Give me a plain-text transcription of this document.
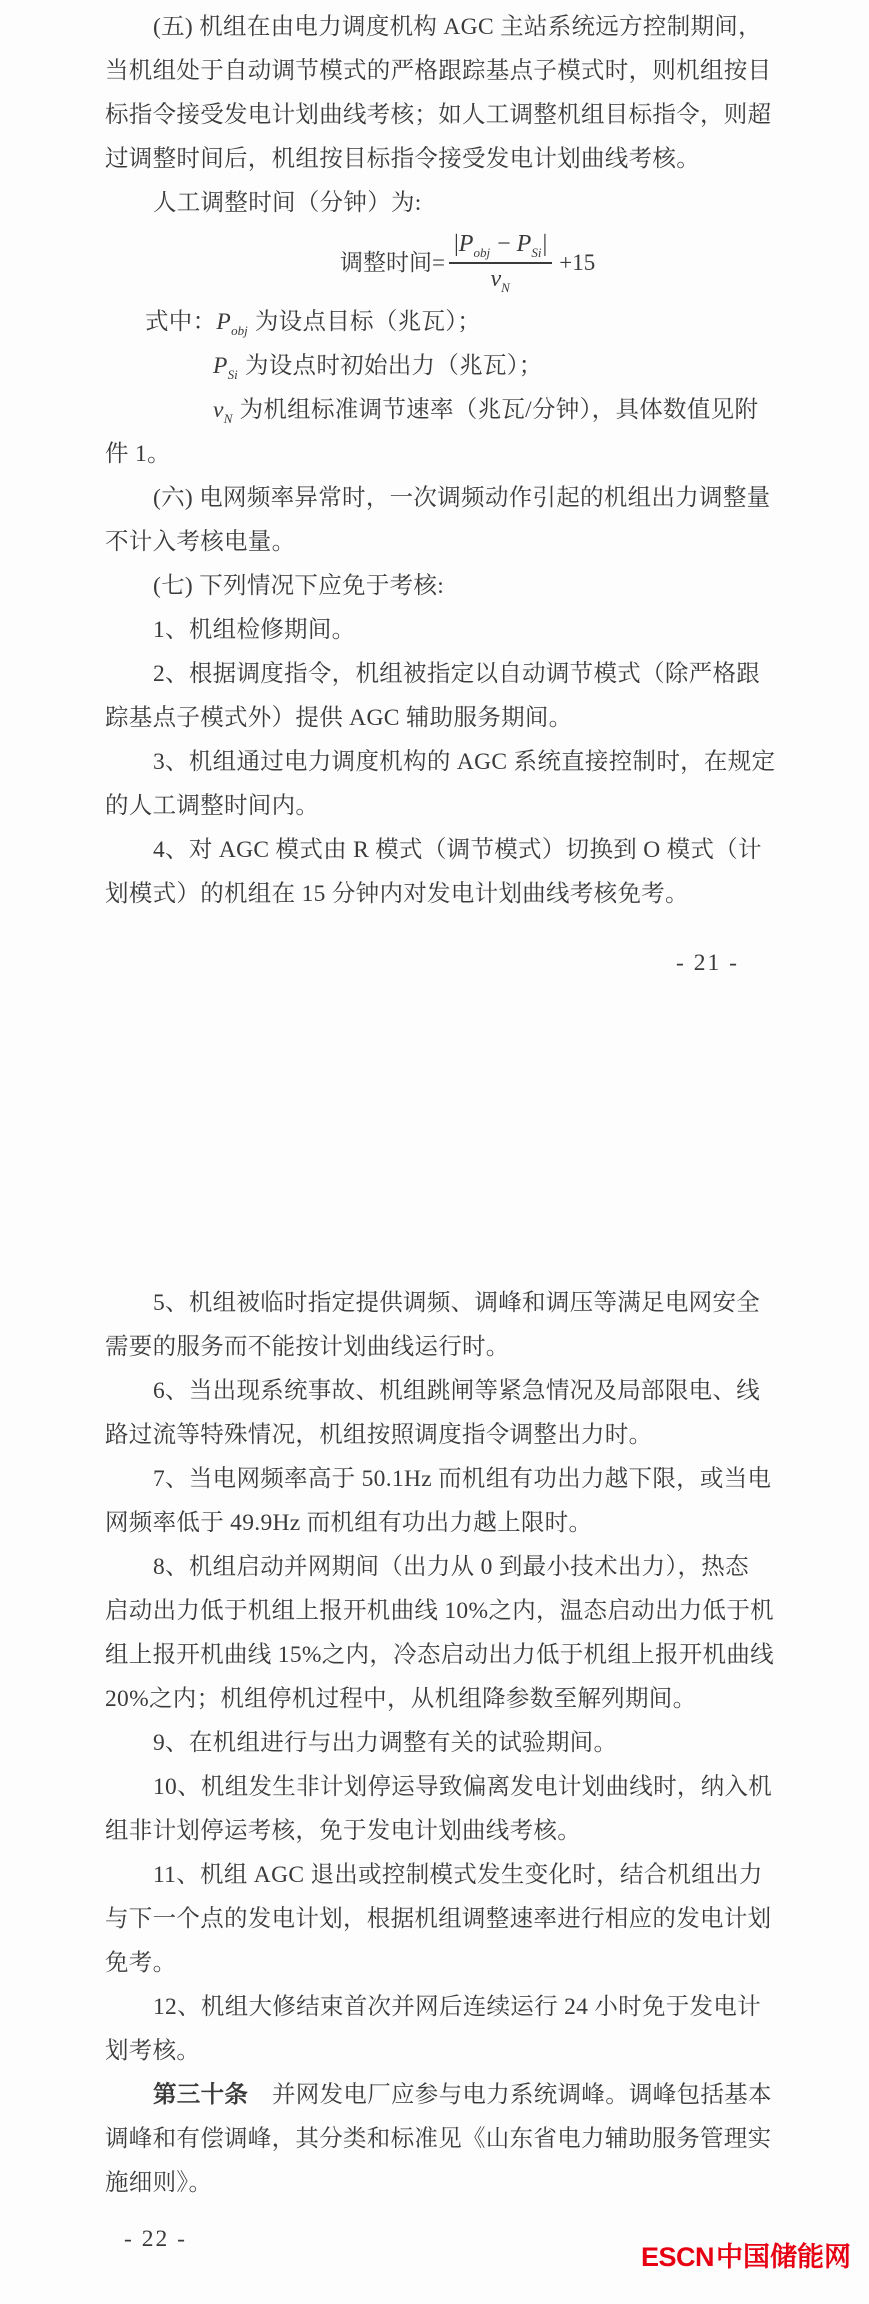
(五) 机组在由电力调度机构 AGC 主站系统远方控制期间，
当机组处于自动调节模式的严格跟踪基点子模式时，则机组按目
标指令接受发电计划曲线考核；如人工调整机组目标指令，则超
过调整时间后，机组按目标指令接受发电计划曲线考核。
人工调整时间（分钟）为:
调整时间= $\frac{|P_{obj} - P_{Si}|}{v_N} +15$
式中：$P_{obj}$ 为设点目标（兆瓦）；
$P_{Si}$ 为设点时初始出力（兆瓦）；
$v_N$ 为机组标准调节速率（兆瓦/分钟），具体数值见附
件 1。
(六) 电网频率异常时，一次调频动作引起的机组出力调整量
不计入考核电量。
(七) 下列情况下应免于考核:
1、机组检修期间。
2、根据调度指令，机组被指定以自动调节模式（除严格跟
踪基点子模式外）提供 AGC 辅助服务期间。
3、机组通过电力调度机构的 AGC 系统直接控制时，在规定
的人工调整时间内。
4、对 AGC 模式由 R 模式（调节模式）切换到 O 模式（计
划模式）的机组在 15 分钟内对发电计划曲线考核免考。
- 21 -
5、机组被临时指定提供调频、调峰和调压等满足电网安全
需要的服务而不能按计划曲线运行时。
6、当出现系统事故、机组跳闸等紧急情况及局部限电、线
路过流等特殊情况，机组按照调度指令调整出力时。
7、当电网频率高于 50.1Hz 而机组有功出力越下限，或当电
网频率低于 49.9Hz 而机组有功出力越上限时。
8、机组启动并网期间（出力从 0 到最小技术出力），热态
启动出力低于机组上报开机曲线 10%之内，温态启动出力低于机
组上报开机曲线 15%之内，冷态启动出力低于机组上报开机曲线
20%之内；机组停机过程中，从机组降参数至解列期间。
9、在机组进行与出力调整有关的试验期间。
10、机组发生非计划停运导致偏离发电计划曲线时，纳入机
组非计划停运考核，免于发电计划曲线考核。
11、机组 AGC 退出或控制模式发生变化时，结合机组出力
与下一个点的发电计划，根据机组调整速率进行相应的发电计划
免考。
12、机组大修结束首次并网后连续运行 24 小时免于发电计
划考核。
第三十条　并网发电厂应参与电力系统调峰。调峰包括基本
调峰和有偿调峰，其分类和标准见《山东省电力辅助服务管理实
施细则》。
- 22 -
ESCN中国储能网
